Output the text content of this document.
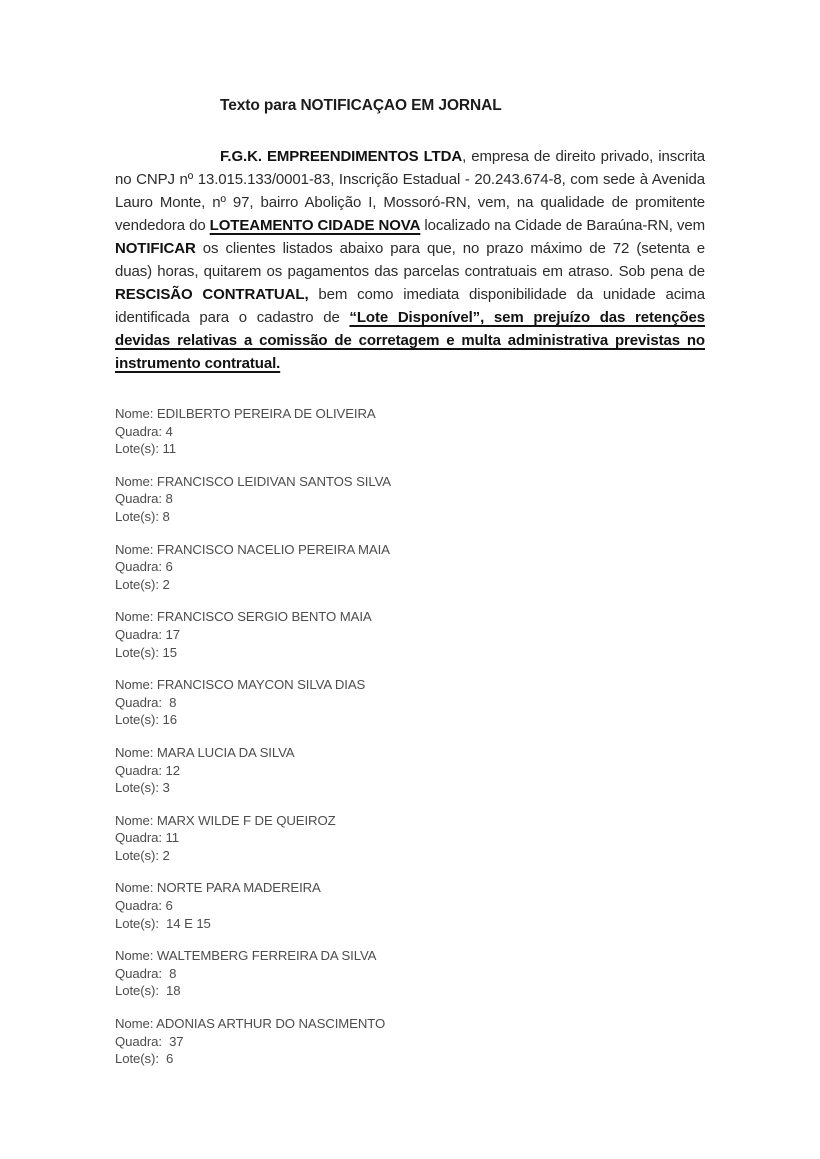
Texto para NOTIFICAÇAO EM JORNAL

F.G.K. EMPREENDIMENTOS LTDA, empresa de direito privado, inscrita no CNPJ nº 13.015.133/0001-83, Inscrição Estadual - 20.243.674-8, com sede à Avenida Lauro Monte, nº 97, bairro Abolição I, Mossoró-RN, vem, na qualidade de promitente vendedora do LOTEAMENTO CIDADE NOVA localizado na Cidade de Baraúna-RN, vem NOTIFICAR os clientes listados abaixo para que, no prazo máximo de 72 (setenta e duas) horas, quitarem os pagamentos das parcelas contratuais em atraso. Sob pena de RESCISÃO CONTRATUAL, bem como imediata disponibilidade da unidade acima identificada para o cadastro de “Lote Disponível”, sem prejuízo das retenções devidas relativas a comissão de corretagem e multa administrativa previstas no instrumento contratual.

Nome: EDILBERTO PEREIRA DE OLIVEIRA
Quadra: 4
Lote(s): 11
Nome: FRANCISCO LEIDIVAN SANTOS SILVA
Quadra: 8
Lote(s): 8
Nome: FRANCISCO NACELIO PEREIRA MAIA
Quadra: 6
Lote(s): 2
Nome: FRANCISCO SERGIO BENTO MAIA
Quadra: 17
Lote(s): 15
Nome: FRANCISCO MAYCON SILVA DIAS
Quadra:  8
Lote(s): 16
Nome: MARA LUCIA DA SILVA
Quadra: 12
Lote(s): 3
Nome: MARX WILDE F DE QUEIROZ
Quadra: 11
Lote(s): 2
Nome: NORTE PARA MADEREIRA
Quadra: 6
Lote(s):  14 E 15
Nome: WALTEMBERG FERREIRA DA SILVA
Quadra:  8
Lote(s):  18
Nome: ADONIAS ARTHUR DO NASCIMENTO
Quadra:  37
Lote(s):  6
